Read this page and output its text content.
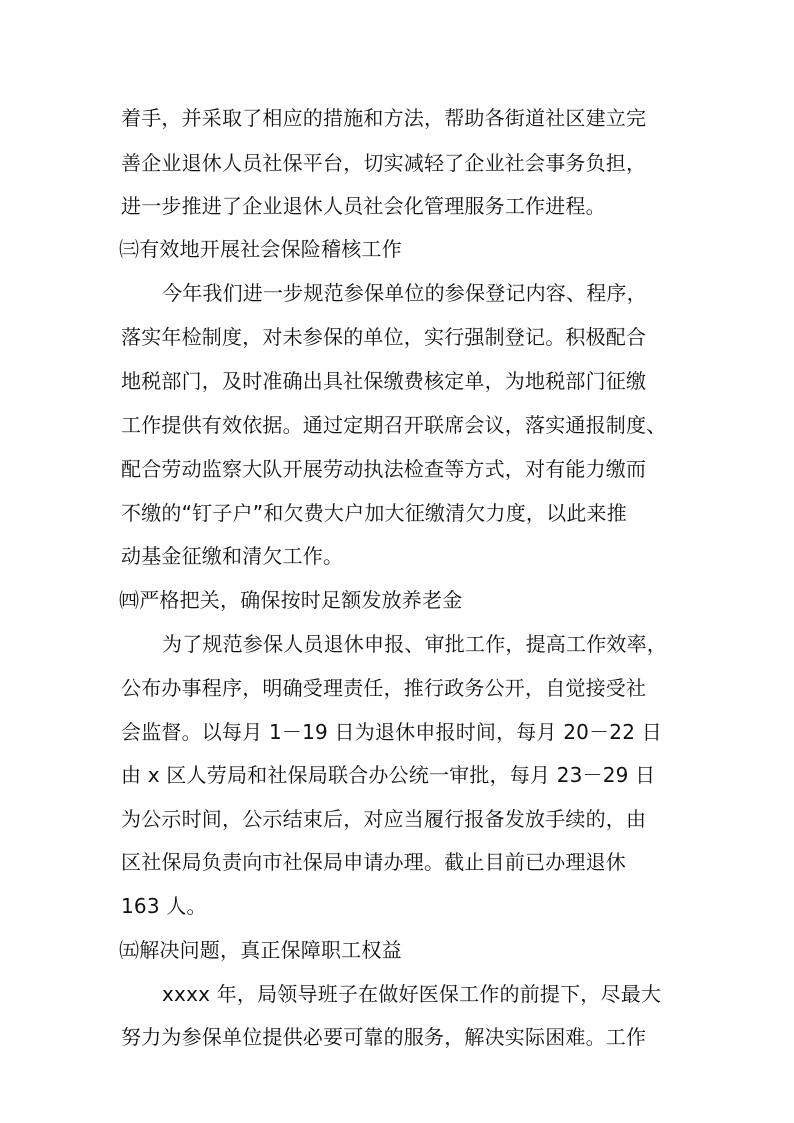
着手，并采取了相应的措施和方法，帮助各街道社区建立完
善企业退休人员社保平台，切实减轻了企业社会事务负担，
进一步推进了企业退休人员社会化管理服务工作进程。
㈢有效地开展社会保险稽核工作
今年我们进一步规范参保单位的参保登记内容、程序，
落实年检制度，对未参保的单位，实行强制登记。积极配合
地税部门，及时准确出具社保缴费核定单，为地税部门征缴
工作提供有效依据。通过定期召开联席会议，落实通报制度、
配合劳动监察大队开展劳动执法检查等方式，对有能力缴而
不缴的“钉子户”和欠费大户加大征缴清欠力度，以此来推
动基金征缴和清欠工作。
㈣严格把关，确保按时足额发放养老金
为了规范参保人员退休申报、审批工作，提高工作效率，
公布办事程序，明确受理责任，推行政务公开，自觉接受社
会监督。以每月 1－19 日为退休申报时间，每月 20－22 日
由 x 区人劳局和社保局联合办公统一审批，每月 23－29 日
为公示时间，公示结束后，对应当履行报备发放手续的，由
区社保局负责向市社保局申请办理。截止目前已办理退休
163 人。
㈤解决问题，真正保障职工权益
xxxx 年，局领导班子在做好医保工作的前提下，尽最大
努力为参保单位提供必要可靠的服务，解决实际困难。工作
